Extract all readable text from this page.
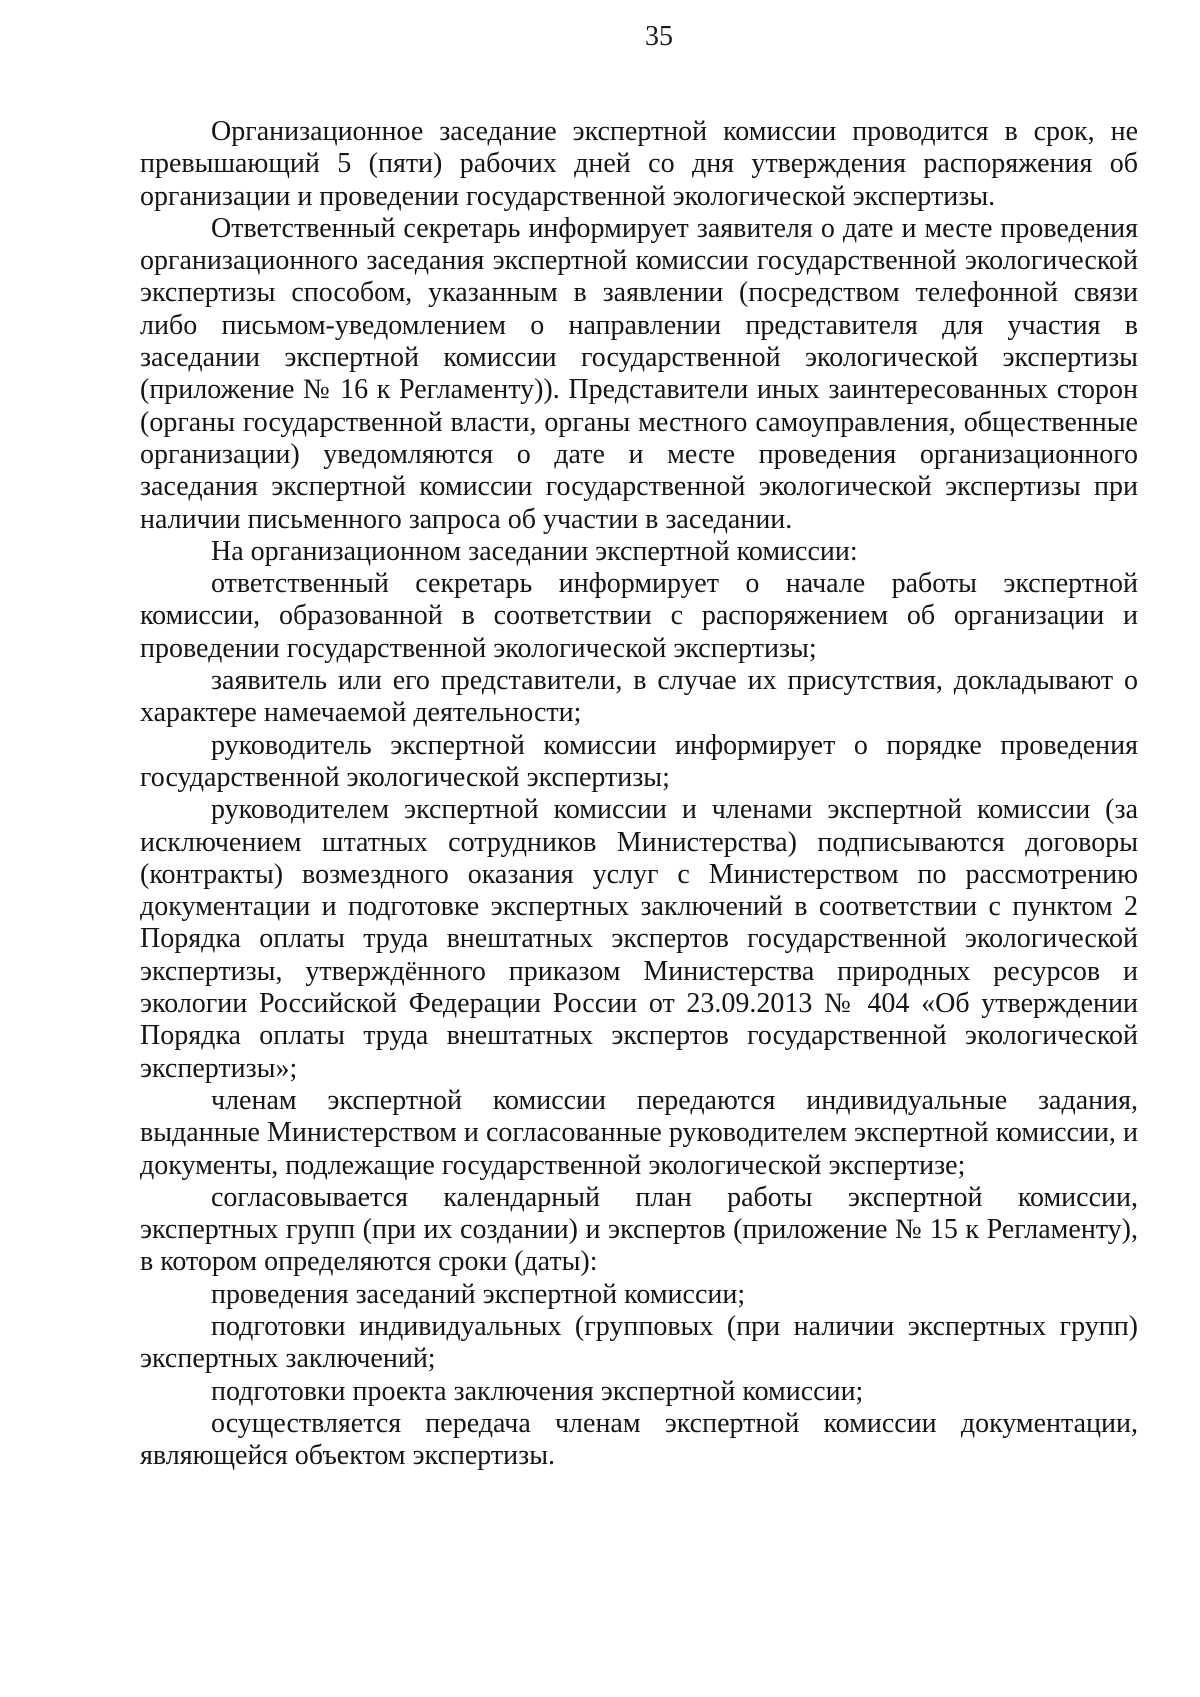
35

Организационное заседание экспертной комиссии проводится в срок, не превышающий 5 (пяти) рабочих дней со дня утверждения распоряжения об организации и проведении государственной экологической экспертизы.

Ответственный секретарь информирует заявителя о дате и месте проведения организационного заседания экспертной комиссии государственной экологической экспертизы способом, указанным в заявлении (посредством телефонной связи либо письмом-уведомлением о направлении представителя для участия в заседании экспертной комиссии государственной экологической экспертизы (приложение № 16 к Регламенту)). Представители иных заинтересованных сторон (органы государственной власти, органы местного самоуправления, общественные организации) уведомляются о дате и месте проведения организационного заседания экспертной комиссии государственной экологической экспертизы при наличии письменного запроса об участии в заседании.

На организационном заседании экспертной комиссии:

ответственный секретарь информирует о начале работы экспертной комиссии, образованной в соответствии с распоряжением об организации и проведении государственной экологической экспертизы;

заявитель или его представители, в случае их присутствия, докладывают о характере намечаемой деятельности;

руководитель экспертной комиссии информирует о порядке проведения государственной экологической экспертизы;

руководителем экспертной комиссии и членами экспертной комиссии (за исключением штатных сотрудников Министерства) подписываются договоры (контракты) возмездного оказания услуг с Министерством по рассмотрению документации и подготовке экспертных заключений в соответствии с пунктом 2 Порядка оплаты труда внештатных экспертов государственной экологической экспертизы, утверждённого приказом Министерства природных ресурсов и экологии Российской Федерации России от 23.09.2013 № 404 «Об утверждении Порядка оплаты труда внештатных экспертов государственной экологической экспертизы»;

членам экспертной комиссии передаются индивидуальные задания, выданные Министерством и согласованные руководителем экспертной комиссии, и документы, подлежащие государственной экологической экспертизе;

согласовывается календарный план работы экспертной комиссии, экспертных групп (при их создании) и экспертов (приложение № 15 к Регламенту), в котором определяются сроки (даты):

проведения заседаний экспертной комиссии;

подготовки индивидуальных (групповых (при наличии экспертных групп) экспертных заключений;

подготовки проекта заключения экспертной комиссии;

осуществляется передача членам экспертной комиссии документации, являющейся объектом экспертизы.
